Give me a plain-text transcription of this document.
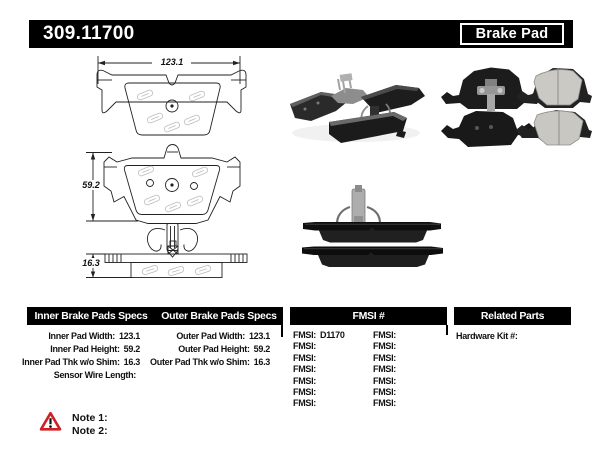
309.11700	Brake Pad
123.1
59.2
16.3
Inner Brake Pads Specs	Outer Brake Pads Specs	FMSI #	Related Parts
Inner Pad Width: 123.1
Inner Pad Height: 59.2
Inner Pad Thk w/o Shim: 16.3
Sensor Wire Length:
Outer Pad Width: 123.1
Outer Pad Height: 59.2
Outer Pad Thk w/o Shim: 16.3
FMSI: D1170
FMSI:
FMSI:
FMSI:
FMSI:
FMSI:
FMSI:
FMSI:
FMSI:
FMSI:
FMSI:
FMSI:
FMSI:
FMSI:
Hardware Kit #:
Note 1:
Note 2:
